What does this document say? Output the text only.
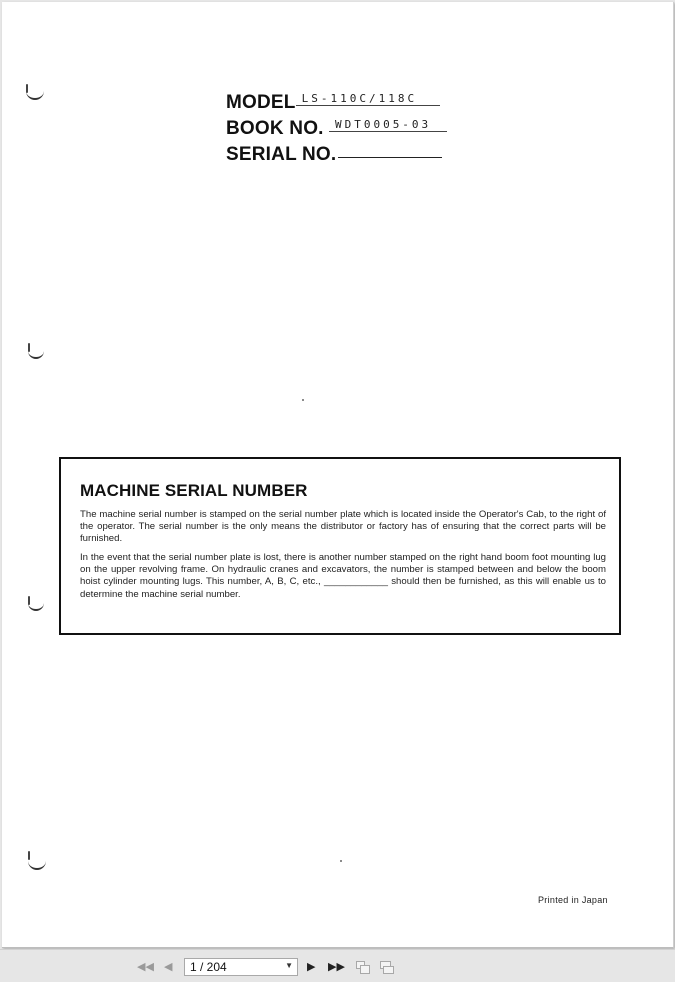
MODEL LS-110C/118C
BOOK NO. WDT0005-03
SERIAL NO.
MACHINE SERIAL NUMBER
The machine serial number is stamped on the serial number plate which is located inside the Operator's Cab, to the right of the operator. The serial number is the only means the distributor or factory has of ensuring that the correct parts will be furnished.
In the event that the serial number plate is lost, there is another number stamped on the right hand boom foot mounting lug on the upper revolving frame. On hydraulic cranes and excavators, the number is stamped between and below the boom hoist cylinder mounting lugs. This number, A, B, C, etc., ____________ should then be furnished, as this will enable us to determine the machine serial number.
Printed in Japan
◀​◀ ◀	1 / 204	▼ ▶ ▶▶
